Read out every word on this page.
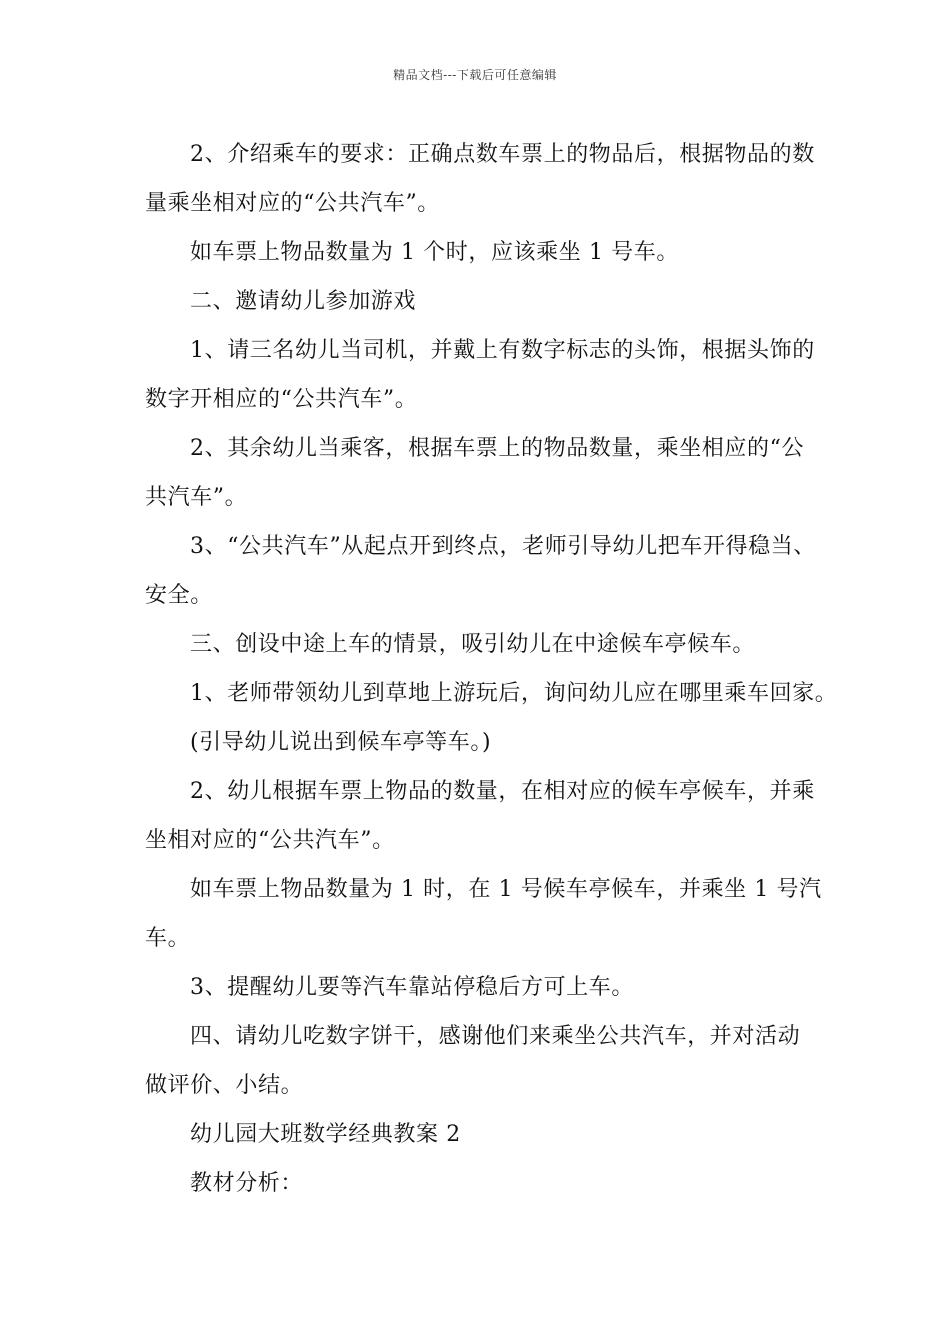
精品文档---下载后可任意编辑
2、介绍乘车的要求：正确点数车票上的物品后，根据物品的数
量乘坐相对应的“公共汽车”。
如车票上物品数量为 1 个时，应该乘坐 1 号车。
二、邀请幼儿参加游戏
1、请三名幼儿当司机，并戴上有数字标志的头饰，根据头饰的
数字开相应的“公共汽车”。
2、其余幼儿当乘客，根据车票上的物品数量，乘坐相应的“公
共汽车”。
3、“公共汽车”从起点开到终点，老师引导幼儿把车开得稳当、
安全。
三、创设中途上车的情景，吸引幼儿在中途候车亭候车。
1、老师带领幼儿到草地上游玩后，询问幼儿应在哪里乘车回家。
(引导幼儿说出到候车亭等车。)
2、幼儿根据车票上物品的数量，在相对应的候车亭候车，并乘
坐相对应的“公共汽车”。
如车票上物品数量为 1 时，在 1 号候车亭候车，并乘坐 1 号汽
车。
3、提醒幼儿要等汽车靠站停稳后方可上车。
四、请幼儿吃数字饼干，感谢他们来乘坐公共汽车，并对活动
做评价、小结。
幼儿园大班数学经典教案 2
教材分析：
